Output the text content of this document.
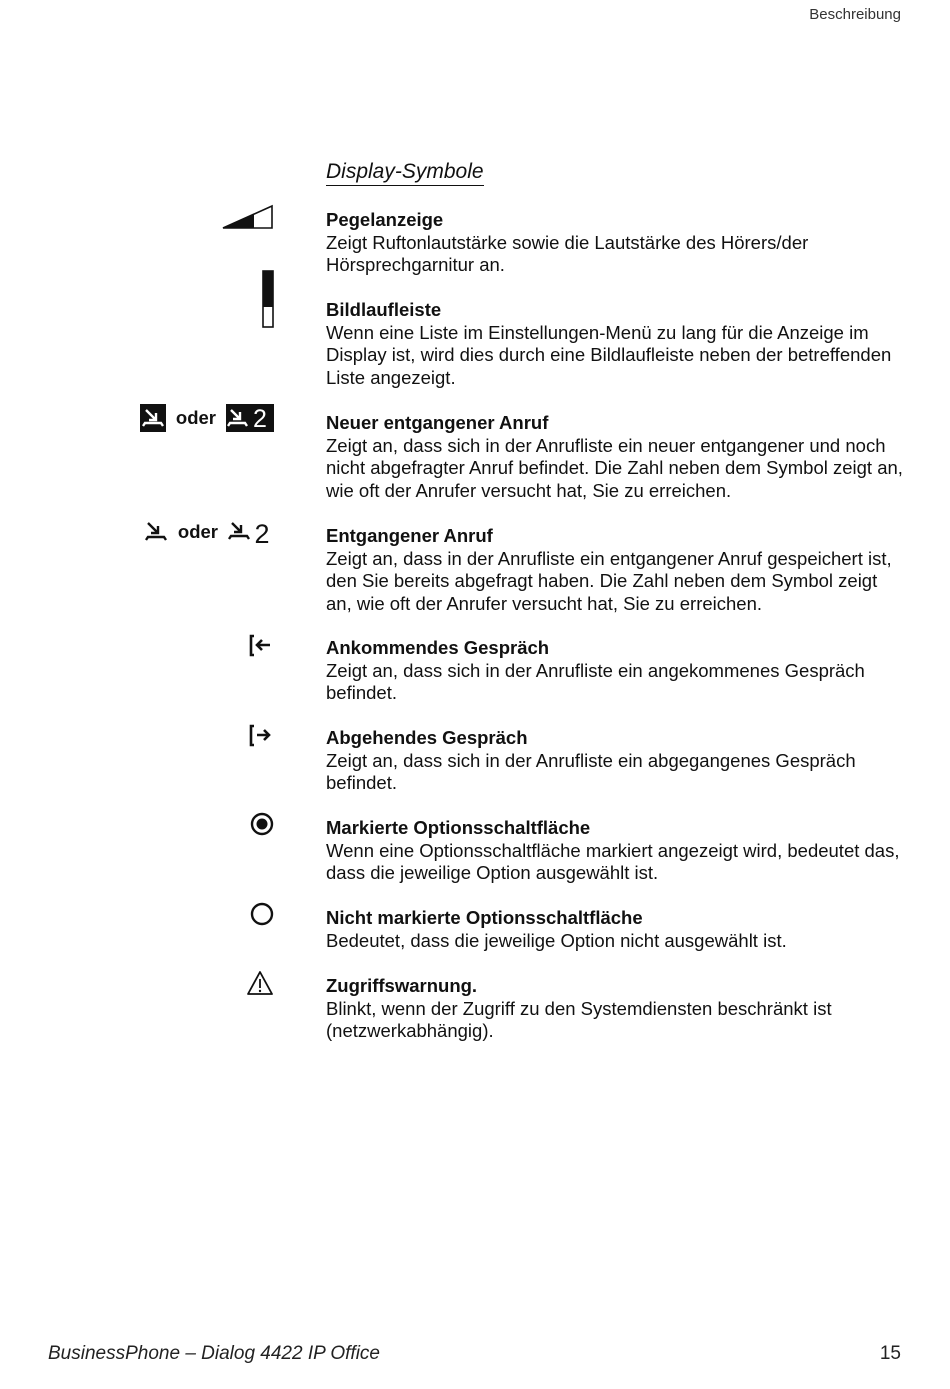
Beschreibung
Display-Symbole
oder 2
oder 2
Pegelanzeige
Zeigt Ruftonlautstärke sowie die Lautstärke des Hörers/der Hörsprechgarnitur an.
Bildlaufleiste
Wenn eine Liste im Einstellungen-Menü zu lang für die Anzeige im Display ist, wird dies durch eine Bildlaufleiste neben der betreffenden Liste angezeigt.
Neuer entgangener Anruf
Zeigt an, dass sich in der Anrufliste ein neuer entgangener und noch nicht abgefragter Anruf befindet. Die Zahl neben dem Symbol zeigt an, wie oft der Anrufer versucht hat, Sie zu erreichen.
Entgangener Anruf
Zeigt an, dass in der Anrufliste ein entgangener Anruf gespeichert ist, den Sie bereits abgefragt haben. Die Zahl neben dem Symbol zeigt an, wie oft der Anrufer versucht hat, Sie zu erreichen.
Ankommendes Gespräch
Zeigt an, dass sich in der Anrufliste ein angekommenes Gespräch befindet.
Abgehendes Gespräch
Zeigt an, dass sich in der Anrufliste ein abgegangenes Gespräch befindet.
Markierte Optionsschaltfläche
Wenn eine Optionsschaltfläche markiert angezeigt wird, bedeutet das, dass die jeweilige Option ausgewählt ist.
Nicht markierte Optionsschaltfläche
Bedeutet, dass die jeweilige Option nicht ausgewählt ist.
Zugriffswarnung.
Blinkt, wenn der Zugriff zu den Systemdiensten beschränkt ist (netzwerkabhängig).
BusinessPhone – Dialog 4422 IP Office	15
